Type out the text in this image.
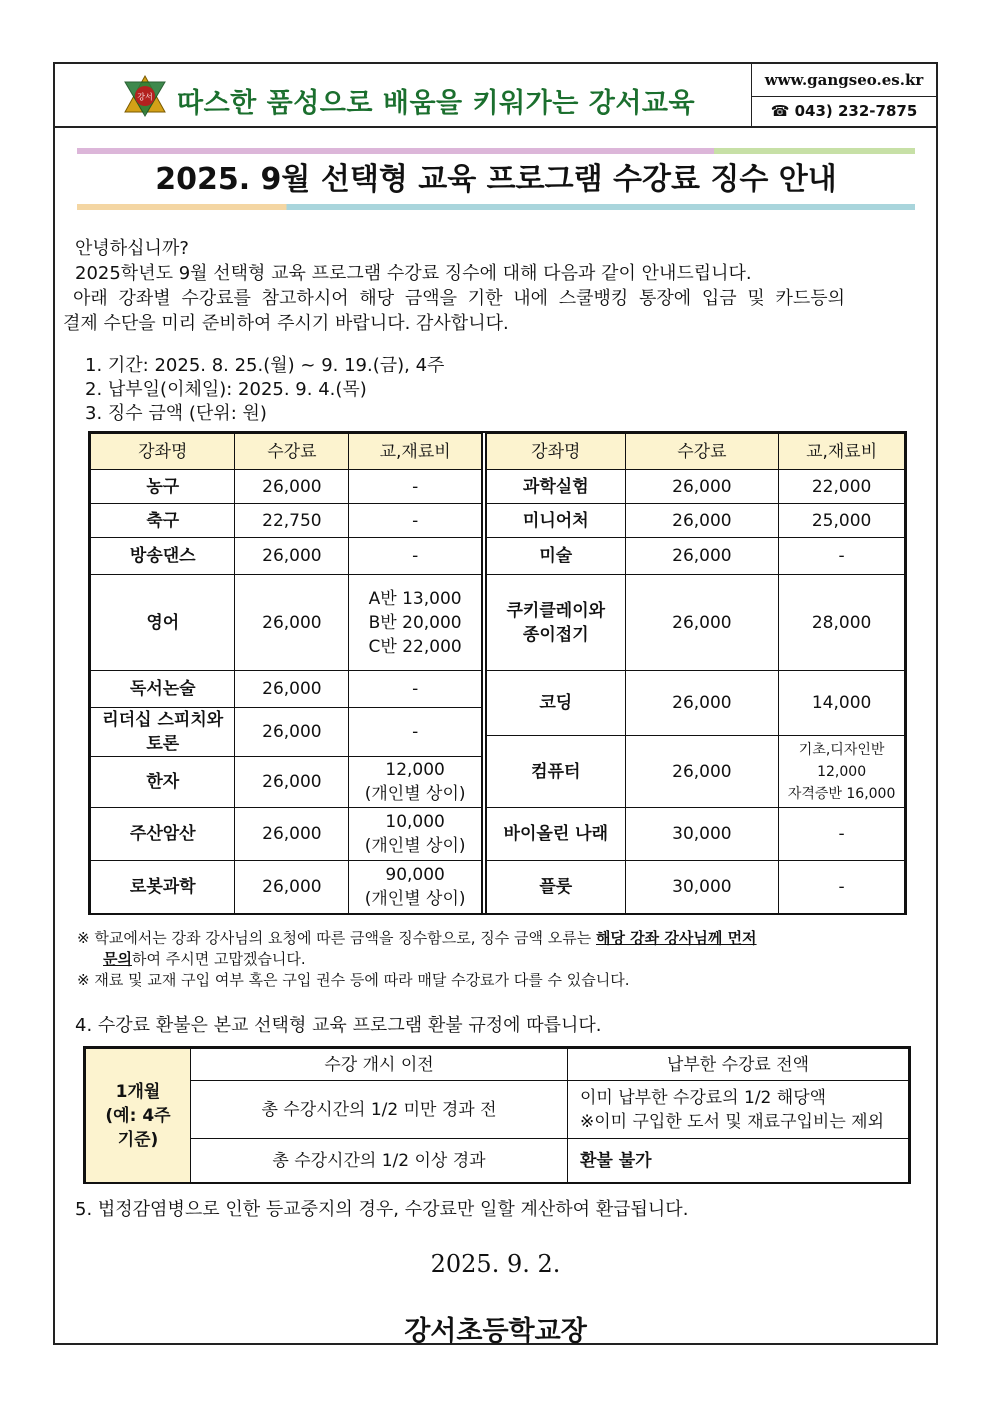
강서 따스한 품성으로 배움을 키워가는 강서교육
www.gangseo.es.kr
☎ 043) 232-7875
2025. 9월 선택형 교육 프로그램 수강료 징수 안내
안녕하십니까?
2025학년도 9월 선택형 교육 프로그램 수강료 징수에 대해 다음과 같이 안내드립니다.
아래 강좌별 수강료를 참고하시어 해당 금액을 기한 내에 스쿨뱅킹 통장에 입금 및 카드등의
결제 수단을 미리 준비하여 주시기 바랍니다. 감사합니다.
1. 기간: 2025. 8. 25.(월) ~ 9. 19.(금), 4주
2. 납부일(이체일): 2025. 9. 4.(목)
3. 징수 금액 (단위: 원)
강좌명	수강료	교,재료비
농구	26,000	-
축구	22,750	-
방송댄스	26,000	-
영어	26,000	A반 13,000
B반 20,000
C반 22,000

독서논술	26,000	-

리더십 스피치와
토론	26,000	-
한자	26,000	12,000
(개인별 상이)

주산암산	26,000	10,000
(개인별 상이)

로봇과학	26,000	90,000
(개인별 상이)
강좌명	수강료	교,재료비
과학실험	26,000	22,000
미니어처	26,000	25,000
미술	26,000	-

쿠키클레이와
종이접기	26,000	28,000
코딩	26,000	14,000
컴퓨터	26,000	기초,디자인반
12,000
자격증반 16,000

바이올린 나래	30,000	-
플룻	30,000	-
※ 학교에서는 강좌 강사님의 요청에 따른 금액을 징수함으로, 징수 금액 오류는 해당 강좌 강사님께 먼저
문의하여 주시면 고맙겠습니다.
※ 재료 및 교재 구입 여부 혹은 구입 권수 등에 따라 매달 수강료가 다를 수 있습니다.
4. 수강료 환불은 본교 선택형 교육 프로그램 환불 규정에 따릅니다.
1개월
(예: 4주
기준)	수강 개시 이전	납부한 수강료 전액
	총 수강시간의 1/2 미만 경과 전	이미 납부한 수강료의 1/2 해당액
※이미 구입한 도서 및 재료구입비는 제외

	총 수강시간의 1/2 이상 경과	환불 불가
5. 법정감염병으로 인한 등교중지의 경우, 수강료만 일할 계산하여 환급됩니다.
2025. 9. 2.
강서초등학교장
